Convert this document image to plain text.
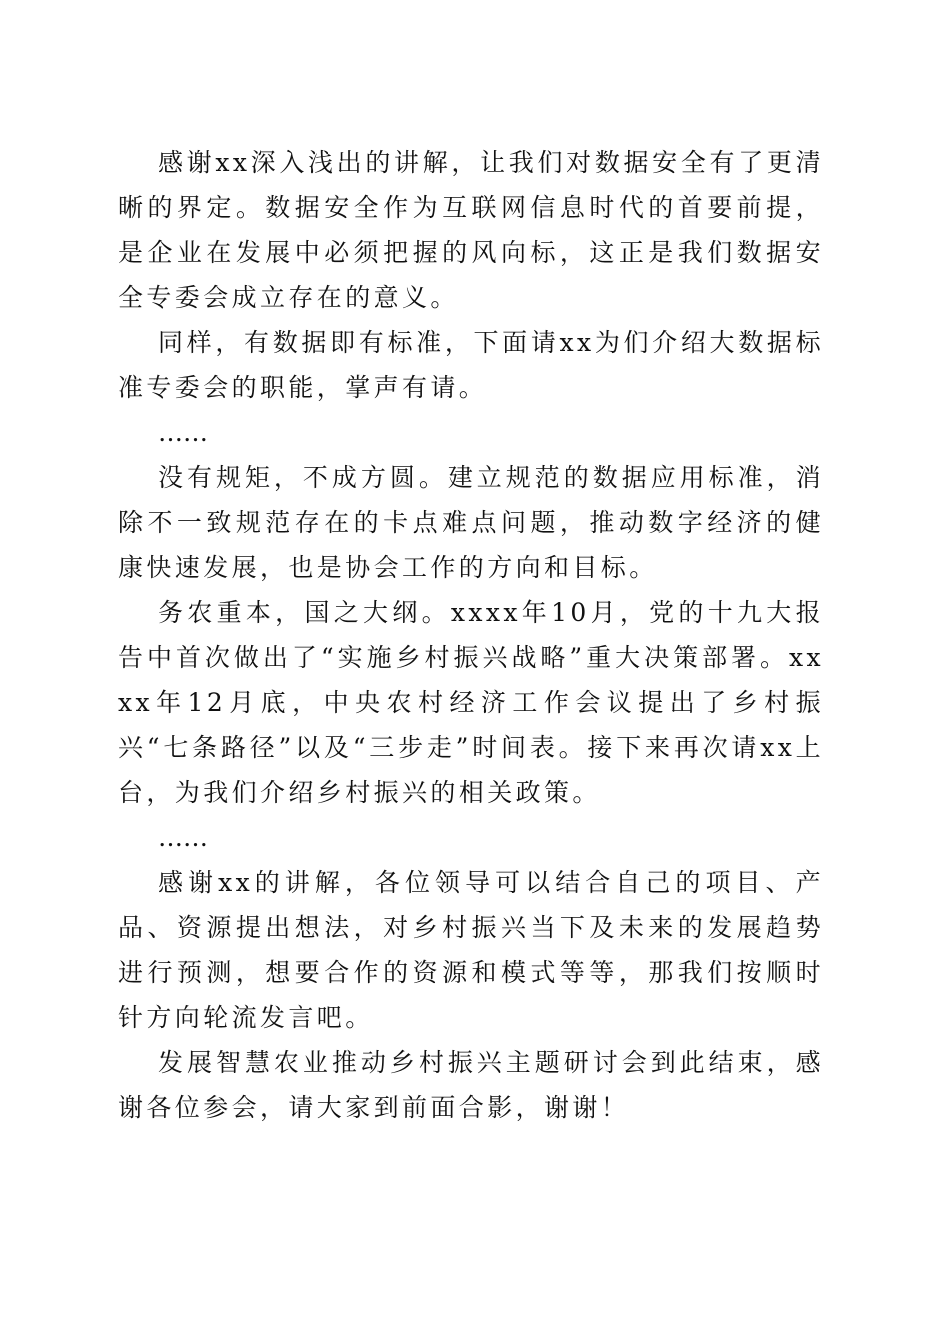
感谢xx深入浅出的讲解，让我们对数据安全有了更清晰的界定。数据安全作为互联网信息时代的首要前提，是企业在发展中必须把握的风向标，这正是我们数据安全专委会成立存在的意义。

同样，有数据即有标准，下面请xx为们介绍大数据标准专委会的职能，掌声有请。

……

没有规矩，不成方圆。建立规范的数据应用标准，消除不一致规范存在的卡点难点问题，推动数字经济的健康快速发展，也是协会工作的方向和目标。

务农重本，国之大纲。xxxx年10月，党的十九大报告中首次做出了“实施乡村振兴战略”重大决策部署。xxxx年12月底，中央农村经济工作会议提出了乡村振兴“七条路径”以及“三步走”时间表。接下来再次请xx上台，为我们介绍乡村振兴的相关政策。

……

感谢xx的讲解，各位领导可以结合自己的项目、产品、资源提出想法，对乡村振兴当下及未来的发展趋势进行预测，想要合作的资源和模式等等，那我们按顺时针方向轮流发言吧。

发展智慧农业推动乡村振兴主题研讨会到此结束，感谢各位参会，请大家到前面合影，谢谢！
